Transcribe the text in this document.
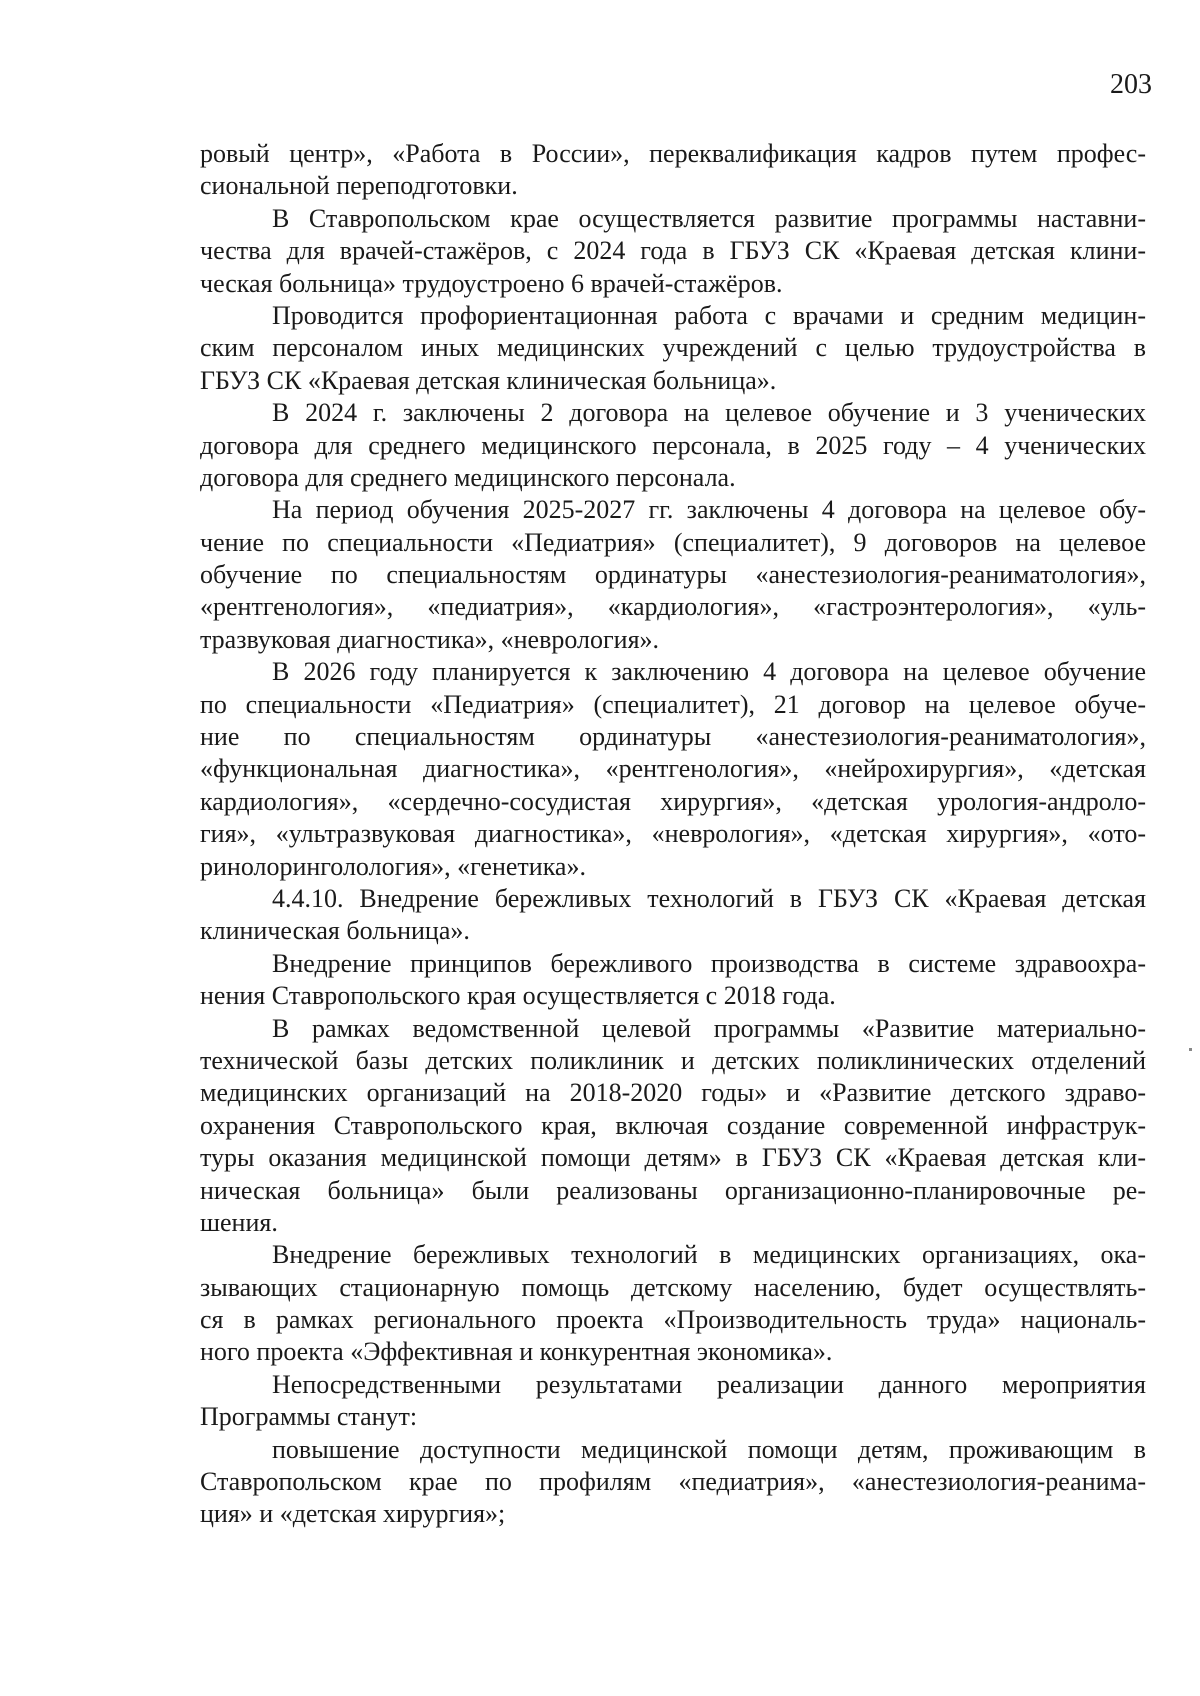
203
ровый центр», «Работа в России», переквалификация кадров путем профес-
сиональной переподготовки.
В Ставропольском крае осуществляется развитие программы наставни-
чества для врачей-стажёров, с 2024 года в ГБУЗ СК «Краевая детская клини-
ческая больница» трудоустроено 6 врачей-стажёров.
Проводится профориентационная работа с врачами и средним медицин-
ским персоналом иных медицинских учреждений с целью трудоустройства в
ГБУЗ СК «Краевая детская клиническая больница».
В 2024 г. заключены 2 договора на целевое обучение и 3 ученических
договора для среднего медицинского персонала, в 2025 году – 4 ученических
договора для среднего медицинского персонала.
На период обучения 2025-2027 гг. заключены 4 договора на целевое обу-
чение по специальности «Педиатрия» (специалитет), 9 договоров на целевое
обучение по специальностям ординатуры «анестезиология-реаниматология»,
«рентгенология», «педиатрия», «кардиология», «гастроэнтерология», «уль-
тразвуковая диагностика», «неврология».
В 2026 году планируется к заключению 4 договора на целевое обучение
по специальности «Педиатрия» (специалитет), 21 договор на целевое обуче-
ние по специальностям ординатуры «анестезиология-реаниматология»,
«функциональная диагностика», «рентгенология», «нейрохирургия», «детская
кардиология», «сердечно-сосудистая хирургия», «детская урология-андроло-
гия», «ультразвуковая диагностика», «неврология», «детская хирургия», «ото-
ринолоринголология», «генетика».
4.4.10. Внедрение бережливых технологий в ГБУЗ СК «Краевая детская
клиническая больница».
Внедрение принципов бережливого производства в системе здравоохра-
нения Ставропольского края осуществляется с 2018 года.
В рамках ведомственной целевой программы «Развитие материально-
технической базы детских поликлиник и детских поликлинических отделений
медицинских организаций на 2018-2020 годы» и «Развитие детского здраво-
охранения Ставропольского края, включая создание современной инфраструк-
туры оказания медицинской помощи детям» в ГБУЗ СК «Краевая детская кли-
ническая больница» были реализованы организационно-планировочные ре-
шения.
Внедрение бережливых технологий в медицинских организациях, ока-
зывающих стационарную помощь детскому населению, будет осуществлять-
ся в рамках регионального проекта «Производительность труда» националь-
ного проекта «Эффективная и конкурентная экономика».
Непосредственными результатами реализации данного мероприятия
Программы станут:
повышение доступности медицинской помощи детям, проживающим в
Ставропольском крае по профилям «педиатрия», «анестезиология-реанима-
ция» и «детская хирургия»;
